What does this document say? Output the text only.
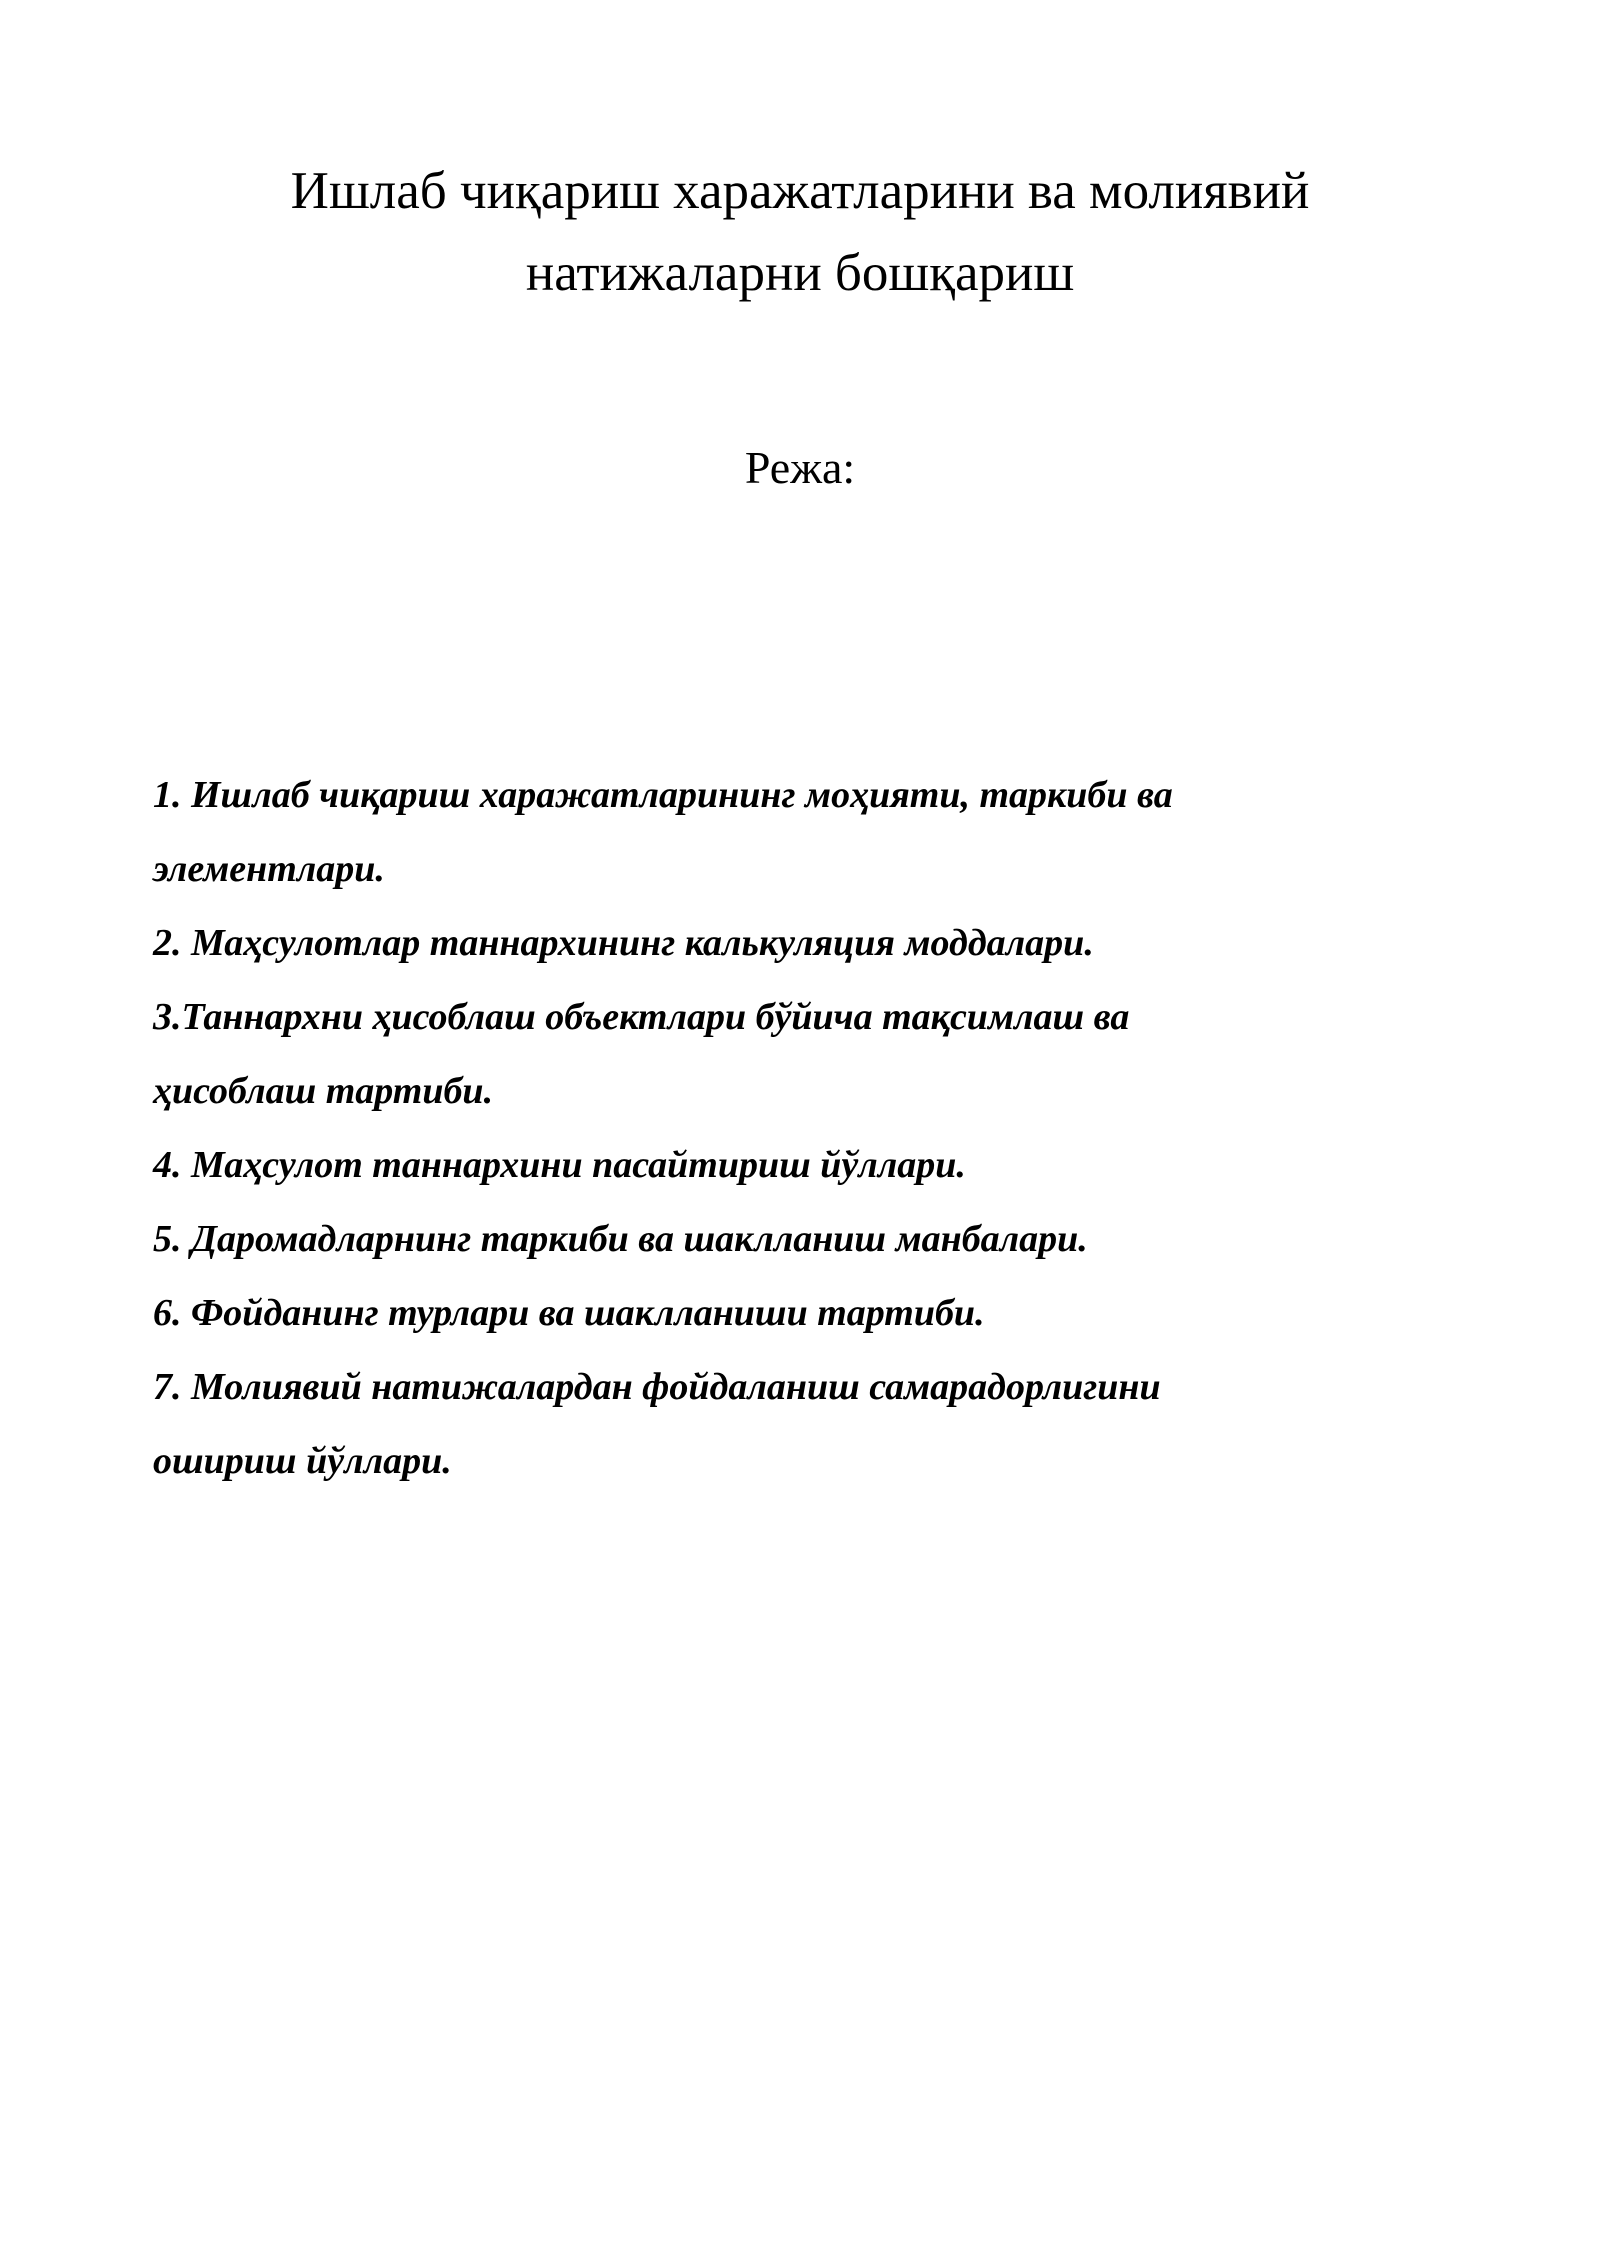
Ишлаб чиқариш харажатларини ва молиявий
натижаларни бошқариш

Режа:

1. Ишлаб чиқариш харажатларининг моҳияти, таркиби ва
элементлари.
2. Маҳсулотлар таннархининг калькуляция моддалари.
3.Таннархни ҳисоблаш объектлари бўйича тақсимлаш ва
ҳисоблаш тартиби.
4. Маҳсулот таннархини пасайтириш йўллари.
5. Даромадларнинг таркиби ва шаклланиш манбалари.
6. Фойданинг турлари ва шаклланиши тартиби.
7. Молиявий натижалардан фойдаланиш самарадорлигини
ошириш йўллари.
